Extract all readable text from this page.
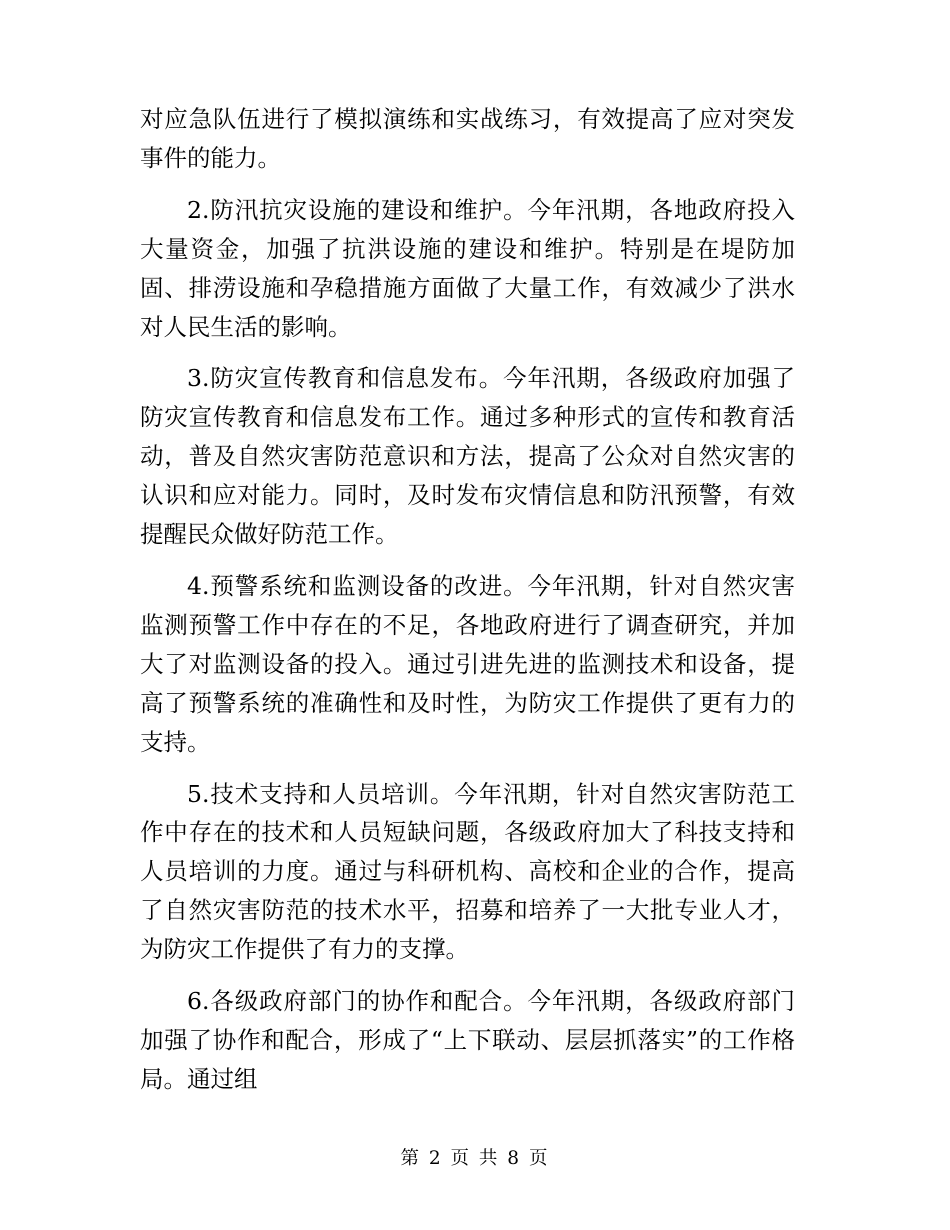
对应急队伍进行了模拟演练和实战练习，有效提高了应对突发事件的能力。

2.防汛抗灾设施的建设和维护。今年汛期，各地政府投入大量资金，加强了抗洪设施的建设和维护。特别是在堤防加固、排涝设施和孕稳措施方面做了大量工作，有效减少了洪水对人民生活的影响。

3.防灾宣传教育和信息发布。今年汛期，各级政府加强了防灾宣传教育和信息发布工作。通过多种形式的宣传和教育活动，普及自然灾害防范意识和方法，提高了公众对自然灾害的认识和应对能力。同时，及时发布灾情信息和防汛预警，有效提醒民众做好防范工作。

4.预警系统和监测设备的改进。今年汛期，针对自然灾害监测预警工作中存在的不足，各地政府进行了调查研究，并加大了对监测设备的投入。通过引进先进的监测技术和设备，提高了预警系统的准确性和及时性，为防灾工作提供了更有力的支持。

5.技术支持和人员培训。今年汛期，针对自然灾害防范工作中存在的技术和人员短缺问题，各级政府加大了科技支持和人员培训的力度。通过与科研机构、高校和企业的合作，提高了自然灾害防范的技术水平，招募和培养了一大批专业人才，为防灾工作提供了有力的支撑。

6.各级政府部门的协作和配合。今年汛期，各级政府部门加强了协作和配合，形成了“上下联动、层层抓落实”的工作格局。通过组

第 2 页 共 8 页
